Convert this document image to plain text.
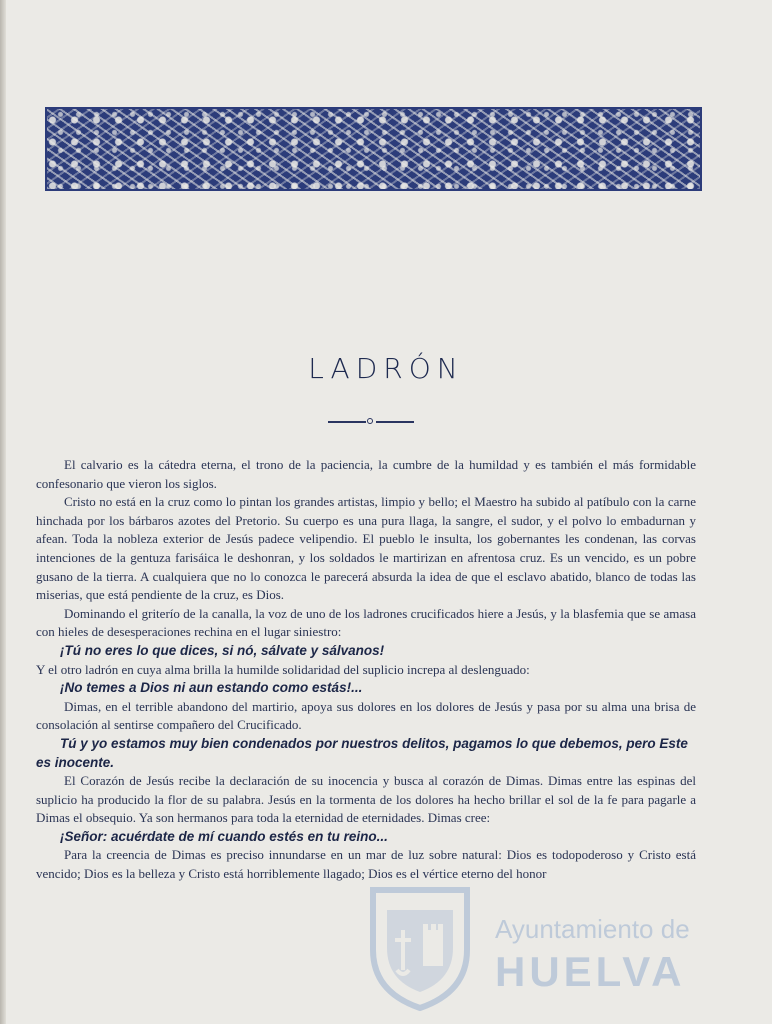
LADRÓN

El calvario es la cátedra eterna, el trono de la paciencia, la cumbre de la humildad y es también el más formidable confesonario que vieron los siglos.

Cristo no está en la cruz como lo pintan los grandes artistas, limpio y bello; el Maestro ha subido al patíbulo con la carne hinchada por los bárbaros azotes del Pretorio. Su cuerpo es una pura llaga, la sangre, el sudor, y el polvo lo embadurnan y afean. Toda la nobleza exterior de Jesús padece velipendio. El pueblo le insulta, los gobernantes les condenan, las corvas intenciones de la gentuza farisáica le deshonran, y los soldados le martirizan en afrentosa cruz. Es un vencido, es un pobre gusano de la tierra. A cualquiera que no lo conozca le parecerá absurda la idea de que el esclavo abatido, blanco de todas las miserias, que está pendiente de la cruz, es Dios.

Dominando el griterío de la canalla, la voz de uno de los ladrones crucificados hiere a Jesús, y la blasfemia que se amasa con hieles de desesperaciones rechina en el lugar siniestro:

¡Tú no eres lo que dices, si nó, sálvate y sálvanos!

Y el otro ladrón en cuya alma brilla la humilde solidaridad del suplicio increpa al deslenguado:

¡No temes a Dios ni aun estando como estás!...

Dimas, en el terrible abandono del martirio, apoya sus dolores en los dolores de Jesús y pasa por su alma una brisa de consolación al sentirse compañero del Crucificado.

Tú y yo estamos muy bien condenados por nuestros delitos, pagamos lo que debemos, pero Este es inocente.

El Corazón de Jesús recibe la declaración de su inocencia y busca al corazón de Dimas. Dimas entre las espinas del suplicio ha producido la flor de su palabra. Jesús en la tormenta de los dolores ha hecho brillar el sol de la fe para pagarle a Dimas el obsequio. Ya son hermanos para toda la eternidad de eternidades. Dimas cree:

¡Señor: acuérdate de mí cuando estés en tu reino...

Para la creencia de Dimas es preciso innundarse en un mar de luz sobre natural: Dios es todopoderoso y Cristo está vencido; Dios es la belleza y Cristo está horriblemente llagado; Dios es el vértice eterno del honor

Ayuntamiento de
HUELVA
